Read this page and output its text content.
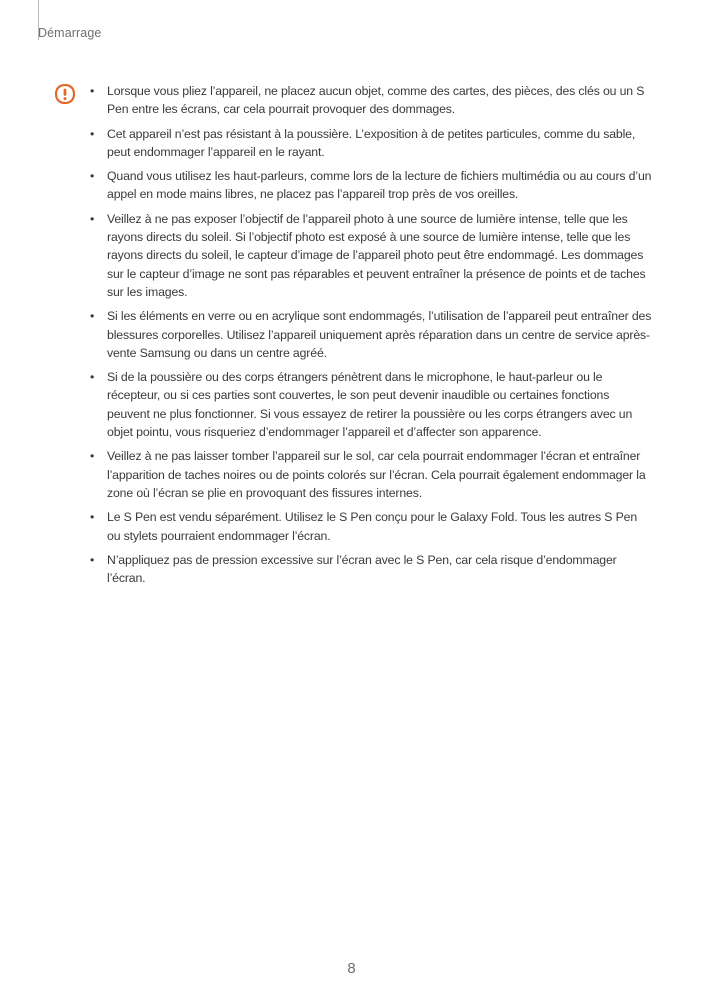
Démarrage
• Lorsque vous pliez l’appareil, ne placez aucun objet, comme des cartes, des pièces, des clés ou un S Pen entre les écrans, car cela pourrait provoquer des dommages.
• Cet appareil n’est pas résistant à la poussière. L’exposition à de petites particules, comme du sable, peut endommager l’appareil en le rayant.
• Quand vous utilisez les haut-parleurs, comme lors de la lecture de fichiers multimédia ou au cours d’un appel en mode mains libres, ne placez pas l’appareil trop près de vos oreilles.
• Veillez à ne pas exposer l’objectif de l’appareil photo à une source de lumière intense, telle que les rayons directs du soleil. Si l’objectif photo est exposé à une source de lumière intense, telle que les rayons directs du soleil, le capteur d’image de l’appareil photo peut être endommagé. Les dommages sur le capteur d’image ne sont pas réparables et peuvent entraîner la présence de points et de taches sur les images.
• Si les éléments en verre ou en acrylique sont endommagés, l’utilisation de l’appareil peut entraîner des blessures corporelles. Utilisez l’appareil uniquement après réparation dans un centre de service après-vente Samsung ou dans un centre agréé.
• Si de la poussière ou des corps étrangers pénètrent dans le microphone, le haut-parleur ou le récepteur, ou si ces parties sont couvertes, le son peut devenir inaudible ou certaines fonctions peuvent ne plus fonctionner. Si vous essayez de retirer la poussière ou les corps étrangers avec un objet pointu, vous risqueriez d’endommager l’appareil et d’affecter son apparence.
• Veillez à ne pas laisser tomber l’appareil sur le sol, car cela pourrait endommager l’écran et entraîner l’apparition de taches noires ou de points colorés sur l’écran. Cela pourrait également endommager la zone où l’écran se plie en provoquant des fissures internes.
• Le S Pen est vendu séparément. Utilisez le S Pen conçu pour le Galaxy Fold. Tous les autres S Pen ou stylets pourraient endommager l’écran.
• N’appliquez pas de pression excessive sur l’écran avec le S Pen, car cela risque d’endommager l’écran.
8
